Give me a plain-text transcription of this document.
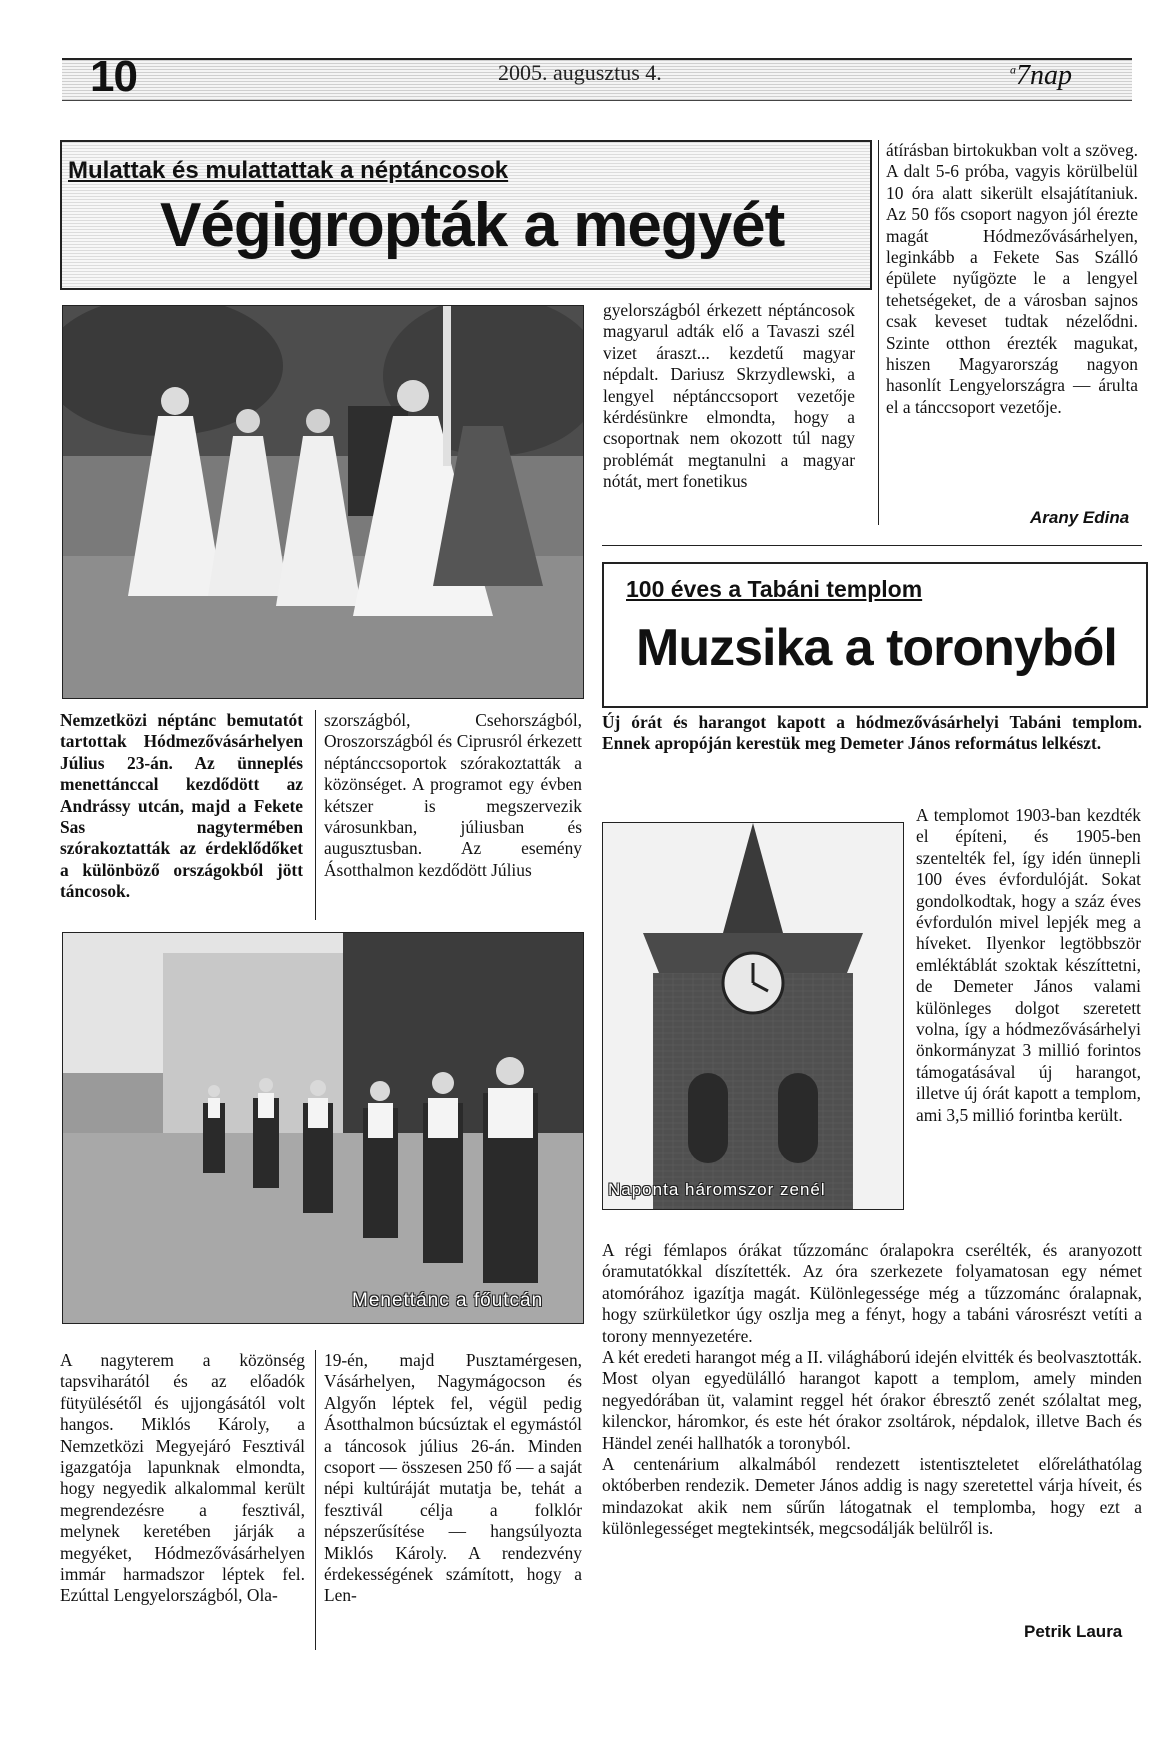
10	2005. augusztus 4.	$^a$7nap
Mulattak és mulattattak a néptáncosok
Végigropták a megyét
gyelországból érkezett néptáncosok magyarul adták elő a Tavaszi szél vizet áraszt... kezdetű magyar népdalt. Dariusz Skrzydlewski, a lengyel néptánccsoport vezetője kérdésünkre elmondta, hogy a csoportnak nem okozott túl nagy problémát megtanulni a magyar nótát, mert fonetikus
átírásban birtokukban volt a szöveg. A dalt 5-6 próba, vagyis körülbelül 10 óra alatt sikerült elsajátítaniuk. Az 50 fős csoport nagyon jól érezte magát Hódmezővásárhelyen, leginkább a Fekete Sas Szálló épülete nyűgözte le a lengyel tehetségeket, de a városban sajnos csak keveset tudtak nézelődni. Szinte otthon érezték magukat, hiszen Magyarország nagyon hasonlít Lengyelországra — árulta el a tánccsoport vezetője.
Arany Edina
Nemzetközi néptánc bemutatót tartottak Hódmezővásárhelyen Július 23-án. Az ünneplés menettánccal kezdődött az Andrássy utcán, majd a Fekete Sas nagytermében szórakoztatták az érdeklődőket a különböző országokból jött táncosok.
szországból, Csehországból, Oroszországból és Ciprusról érkezett néptánccsoportok szórakoztatták a közönséget. A programot egy évben kétszer is megszervezik városunkban, júliusban és augusztusban. Az esemény Ásotthalmon kezdődött Július
Menettánc a főutcán
A nagyterem a közönség tapsviharától és az előadók fütyülésétől és ujjongásától volt hangos. Miklós Károly, a Nemzetközi Megyejáró Fesztivál igazgatója lapunknak elmondta, hogy negyedik alkalommal került megrendezésre a fesztivál, melynek keretében járják a megyéket, Hódmezővásárhelyen immár harmadszor léptek fel. Ezúttal Lengyelországból, Ola-
19-én, majd Pusztamérgesen, Vásárhelyen, Nagymágocson és Algyőn léptek fel, végül pedig Ásotthalmon búcsúztak el egymástól a táncosok július 26-án. Minden csoport — összesen 250 fő — a saját népi kultúráját mutatja be, tehát a fesztivál célja a folklór népszerűsítése — hangsúlyozta Miklós Károly. A rendezvény érdekességének számított, hogy a Len-
100 éves a Tabáni templom
Muzsika a toronyból
Új órát és harangot kapott a hódmezővásárhelyi Tabáni templom. Ennek apropóján kerestük meg Demeter János református lelkészt.
Naponta háromszor zenél
A templomot 1903-ban kezdték el építeni, és 1905-ben szentelték fel, így idén ünnepli 100 éves évfordulóját. Sokat gondolkodtak, hogy a száz éves évfordulón mivel lepjék meg a híveket. Ilyenkor legtöbbször emléktáblát szoktak készíttetni, de Demeter János valami különleges dolgot szeretett volna, így a hódmezővásárhelyi önkormányzat 3 millió forintos támogatásával új harangot, illetve új órát kapott a templom, ami 3,5 millió forintba került.

A régi fémlapos órákat tűzzománc óralapokra cserélték, és aranyozott óramutatókkal díszítették. Az óra szerkezete folyamatosan egy német atomórához igazítja magát. Különlegessége még a tűzzománc óralapnak, hogy szürkületkor úgy oszlja meg a fényt, hogy a tabáni városrészt vetíti a torony mennyezetére.

A két eredeti harangot még a II. világháború idején elvitték és beolvasztották. Most olyan egyedülálló harangot kapott a templom, amely minden negyedórában üt, valamint reggel hét órakor ébresztő zenét szólaltat meg, kilenckor, háromkor, és este hét órakor zsoltárok, népdalok, illetve Bach és Händel zenéi hallhatók a toronyból.

A centenárium alkalmából rendezett istentiszteletet előreláthatólag októberben rendezik. Demeter János addig is nagy szeretettel várja híveit, és mindazokat akik nem sűrűn látogatnak el templomba, hogy ezt a különlegességet megtekintsék, megcsodálják belülről is.

Petrik Laura
